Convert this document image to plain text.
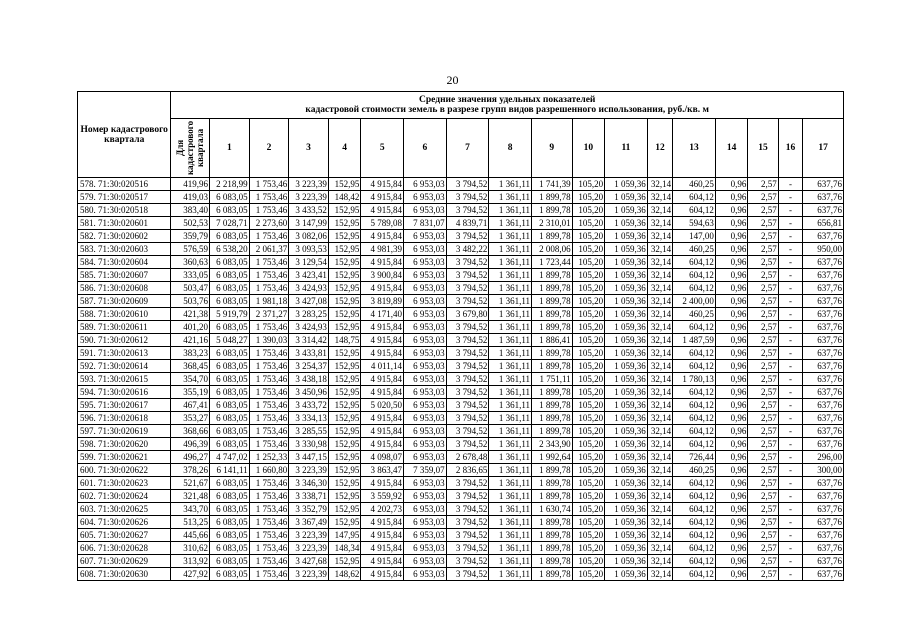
20
Номер кадастрового квартала	Средние значения удельных показателей
кадастровой стоимости земель в разрезе групп видов разрешенного использования, руб./кв. м																	

	Для кадастрового квартала	1	2	3	4	5	6	7	8	9	10	11	12	13	14	15	16	17
578. 71:30:020516	419,96	2 218,99	1 753,46	3 223,39	152,95	4 915,84	6 953,03	3 794,52	1 361,11	1 741,39	105,20	1 059,36	32,14	460,25	0,96	2,57	-	637,76
579. 71:30:020517	419,03	6 083,05	1 753,46	3 223,39	148,42	4 915,84	6 953,03	3 794,52	1 361,11	1 899,78	105,20	1 059,36	32,14	604,12	0,96	2,57	-	637,76
580. 71:30:020518	383,40	6 083,05	1 753,46	3 433,52	152,95	4 915,84	6 953,03	3 794,52	1 361,11	1 899,78	105,20	1 059,36	32,14	604,12	0,96	2,57	-	637,76
581. 71:30:020601	502,53	7 028,71	2 273,60	3 147,99	152,95	5 789,08	7 831,07	4 839,71	1 361,11	2 310,01	105,20	1 059,36	32,14	594,63	0,96	2,57	-	656,81
582. 71:30:020602	359,79	6 083,05	1 753,46	3 082,06	152,95	4 915,84	6 953,03	3 794,52	1 361,11	1 899,78	105,20	1 059,36	32,14	147,00	0,96	2,57	-	637,76
583. 71:30:020603	576,59	6 538,20	2 061,37	3 093,53	152,95	4 981,39	6 953,03	3 482,22	1 361,11	2 008,06	105,20	1 059,36	32,14	460,25	0,96	2,57	-	950,00
584. 71:30:020604	360,63	6 083,05	1 753,46	3 129,54	152,95	4 915,84	6 953,03	3 794,52	1 361,11	1 723,44	105,20	1 059,36	32,14	604,12	0,96	2,57	-	637,76
585. 71:30:020607	333,05	6 083,05	1 753,46	3 423,41	152,95	3 900,84	6 953,03	3 794,52	1 361,11	1 899,78	105,20	1 059,36	32,14	604,12	0,96	2,57	-	637,76
586. 71:30:020608	503,47	6 083,05	1 753,46	3 424,93	152,95	4 915,84	6 953,03	3 794,52	1 361,11	1 899,78	105,20	1 059,36	32,14	604,12	0,96	2,57	-	637,76
587. 71:30:020609	503,76	6 083,05	1 981,18	3 427,08	152,95	3 819,89	6 953,03	3 794,52	1 361,11	1 899,78	105,20	1 059,36	32,14	2 400,00	0,96	2,57	-	637,76
588. 71:30:020610	421,38	5 919,79	2 371,27	3 283,25	152,95	4 171,40	6 953,03	3 679,80	1 361,11	1 899,78	105,20	1 059,36	32,14	460,25	0,96	2,57	-	637,76
589. 71:30:020611	401,20	6 083,05	1 753,46	3 424,93	152,95	4 915,84	6 953,03	3 794,52	1 361,11	1 899,78	105,20	1 059,36	32,14	604,12	0,96	2,57	-	637,76
590. 71:30:020612	421,16	5 048,27	1 390,03	3 314,42	148,75	4 915,84	6 953,03	3 794,52	1 361,11	1 886,41	105,20	1 059,36	32,14	1 487,59	0,96	2,57	-	637,76
591. 71:30:020613	383,23	6 083,05	1 753,46	3 433,81	152,95	4 915,84	6 953,03	3 794,52	1 361,11	1 899,78	105,20	1 059,36	32,14	604,12	0,96	2,57	-	637,76
592. 71:30:020614	368,45	6 083,05	1 753,46	3 254,37	152,95	4 011,14	6 953,03	3 794,52	1 361,11	1 899,78	105,20	1 059,36	32,14	604,12	0,96	2,57	-	637,76
593. 71:30:020615	354,70	6 083,05	1 753,46	3 438,18	152,95	4 915,84	6 953,03	3 794,52	1 361,11	1 751,11	105,20	1 059,36	32,14	1 780,13	0,96	2,57	-	637,76
594. 71:30:020616	355,19	6 083,05	1 753,46	3 450,96	152,95	4 915,84	6 953,03	3 794,52	1 361,11	1 899,78	105,20	1 059,36	32,14	604,12	0,96	2,57	-	637,76
595. 71:30:020617	467,41	6 083,05	1 753,46	3 433,72	152,95	5 020,50	6 953,03	3 794,52	1 361,11	1 899,78	105,20	1 059,36	32,14	604,12	0,96	2,57	-	637,76
596. 71:30:020618	353,27	6 083,05	1 753,46	3 334,13	152,95	4 915,84	6 953,03	3 794,52	1 361,11	1 899,78	105,20	1 059,36	32,14	604,12	0,96	2,57	-	637,76
597. 71:30:020619	368,66	6 083,05	1 753,46	3 285,55	152,95	4 915,84	6 953,03	3 794,52	1 361,11	1 899,78	105,20	1 059,36	32,14	604,12	0,96	2,57	-	637,76
598. 71:30:020620	496,39	6 083,05	1 753,46	3 330,98	152,95	4 915,84	6 953,03	3 794,52	1 361,11	2 343,90	105,20	1 059,36	32,14	604,12	0,96	2,57	-	637,76
599. 71:30:020621	496,27	4 747,02	1 252,33	3 447,15	152,95	4 098,07	6 953,03	2 678,48	1 361,11	1 992,64	105,20	1 059,36	32,14	726,44	0,96	2,57	-	296,00
600. 71:30:020622	378,26	6 141,11	1 660,80	3 223,39	152,95	3 863,47	7 359,07	2 836,65	1 361,11	1 899,78	105,20	1 059,36	32,14	460,25	0,96	2,57	-	300,00
601. 71:30:020623	521,67	6 083,05	1 753,46	3 346,30	152,95	4 915,84	6 953,03	3 794,52	1 361,11	1 899,78	105,20	1 059,36	32,14	604,12	0,96	2,57	-	637,76
602. 71:30:020624	321,48	6 083,05	1 753,46	3 338,71	152,95	3 559,92	6 953,03	3 794,52	1 361,11	1 899,78	105,20	1 059,36	32,14	604,12	0,96	2,57	-	637,76
603. 71:30:020625	343,70	6 083,05	1 753,46	3 352,79	152,95	4 202,73	6 953,03	3 794,52	1 361,11	1 630,74	105,20	1 059,36	32,14	604,12	0,96	2,57	-	637,76
604. 71:30:020626	513,25	6 083,05	1 753,46	3 367,49	152,95	4 915,84	6 953,03	3 794,52	1 361,11	1 899,78	105,20	1 059,36	32,14	604,12	0,96	2,57	-	637,76
605. 71:30:020627	445,66	6 083,05	1 753,46	3 223,39	147,95	4 915,84	6 953,03	3 794,52	1 361,11	1 899,78	105,20	1 059,36	32,14	604,12	0,96	2,57	-	637,76
606. 71:30:020628	310,62	6 083,05	1 753,46	3 223,39	148,34	4 915,84	6 953,03	3 794,52	1 361,11	1 899,78	105,20	1 059,36	32,14	604,12	0,96	2,57	-	637,76
607. 71:30:020629	313,92	6 083,05	1 753,46	3 427,68	152,95	4 915,84	6 953,03	3 794,52	1 361,11	1 899,78	105,20	1 059,36	32,14	604,12	0,96	2,57	-	637,76
608. 71:30:020630	427,92	6 083,05	1 753,46	3 223,39	148,62	4 915,84	6 953,03	3 794,52	1 361,11	1 899,78	105,20	1 059,36	32,14	604,12	0,96	2,57	-	637,76
